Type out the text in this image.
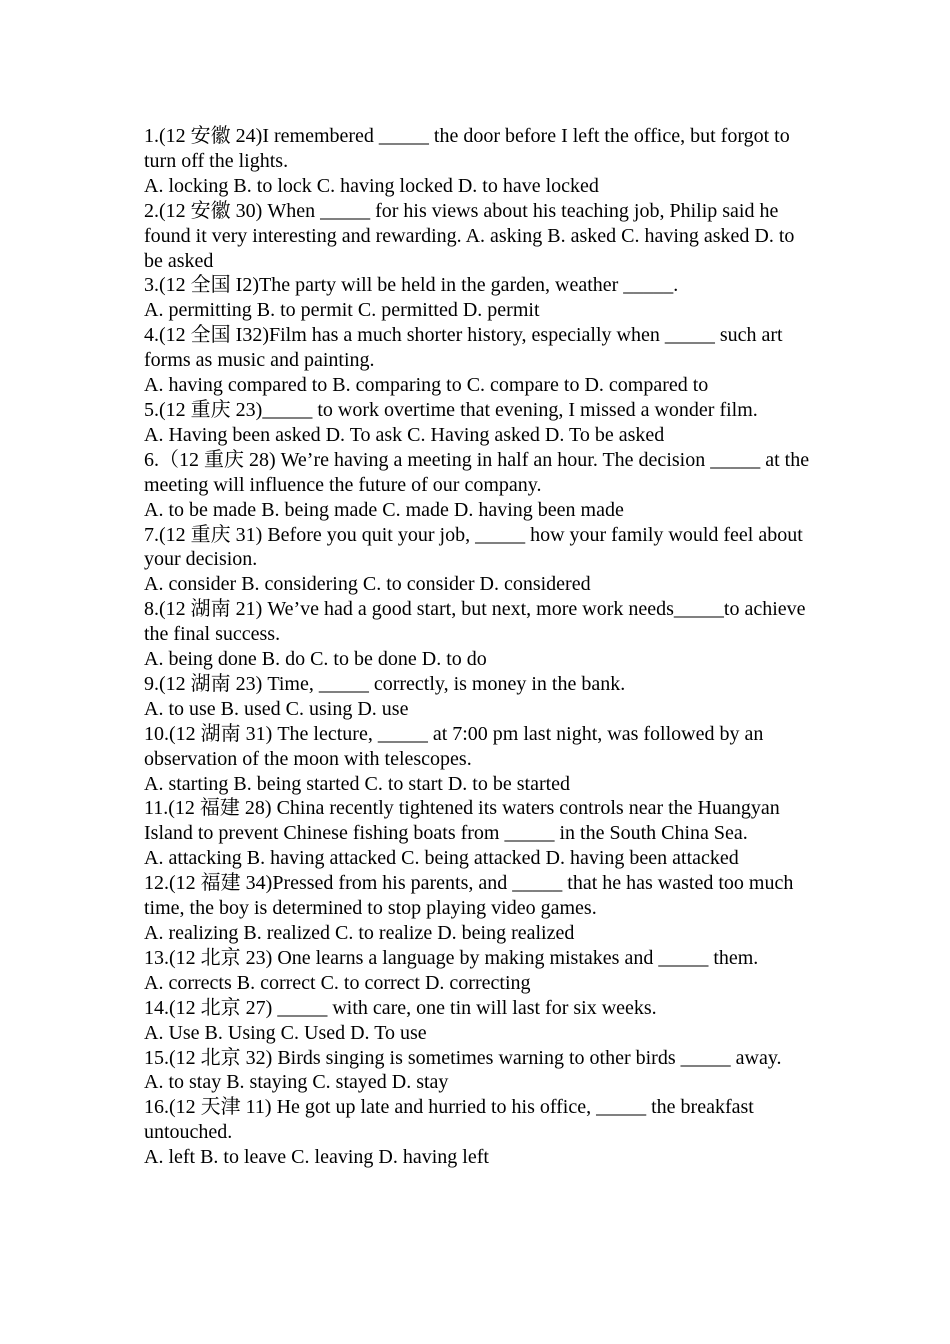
1.(12 安徽 24)I remembered _____ the door before I left the office, but forgot to turn off the lights.

A. locking B. to lock C. having locked D. to have locked

2.(12 安徽 30) When _____ for his views about his teaching job, Philip said he found it very interesting and rewarding. A. asking B. asked C. having asked D. to be asked

3.(12 全国 I2)The party will be held in the garden, weather _____.

A. permitting B. to permit C. permitted D. permit

4.(12 全国 I32)Film has a much shorter history, especially when _____ such art forms as music and painting.

A. having compared to B. comparing to C. compare to D. compared to

5.(12 重庆 23)_____ to work overtime that evening, I missed a wonder film.

A. Having been asked D. To ask C. Having asked D. To be asked

6.（12 重庆 28) We’re having a meeting in half an hour. The decision _____ at the meeting will influence the future of our company.

A. to be made B. being made C. made D. having been made

7.(12 重庆 31) Before you quit your job, _____ how your family would feel about your decision.

A. consider B. considering C. to consider D. considered

8.(12 湖南 21) We’ve had a good start, but next, more work needs_____to achieve the final success.

A. being done B. do C. to be done D. to do

9.(12 湖南 23) Time, _____ correctly, is money in the bank.

A. to use B. used C. using D. use

10.(12 湖南 31) The lecture, _____ at 7:00 pm last night, was followed by an observation of the moon with telescopes.

A. starting B. being started C. to start D. to be started

11.(12 福建 28) China recently tightened its waters controls near the Huangyan Island to prevent Chinese fishing boats from _____ in the South China Sea.

A. attacking B. having attacked C. being attacked D. having been attacked

12.(12 福建 34)Pressed from his parents, and _____ that he has wasted too much time, the boy is determined to stop playing video games.

A. realizing B. realized C. to realize D. being realized

13.(12 北京 23) One learns a language by making mistakes and _____ them.

A. corrects B. correct C. to correct D. correcting

14.(12 北京 27) _____ with care, one tin will last for six weeks.

A. Use B. Using C. Used D. To use

15.(12 北京 32) Birds singing is sometimes warning to other birds _____ away.

A. to stay B. staying C. stayed D. stay

16.(12 天津 11) He got up late and hurried to his office, _____ the breakfast untouched.

A. left B. to leave C. leaving D. having left
